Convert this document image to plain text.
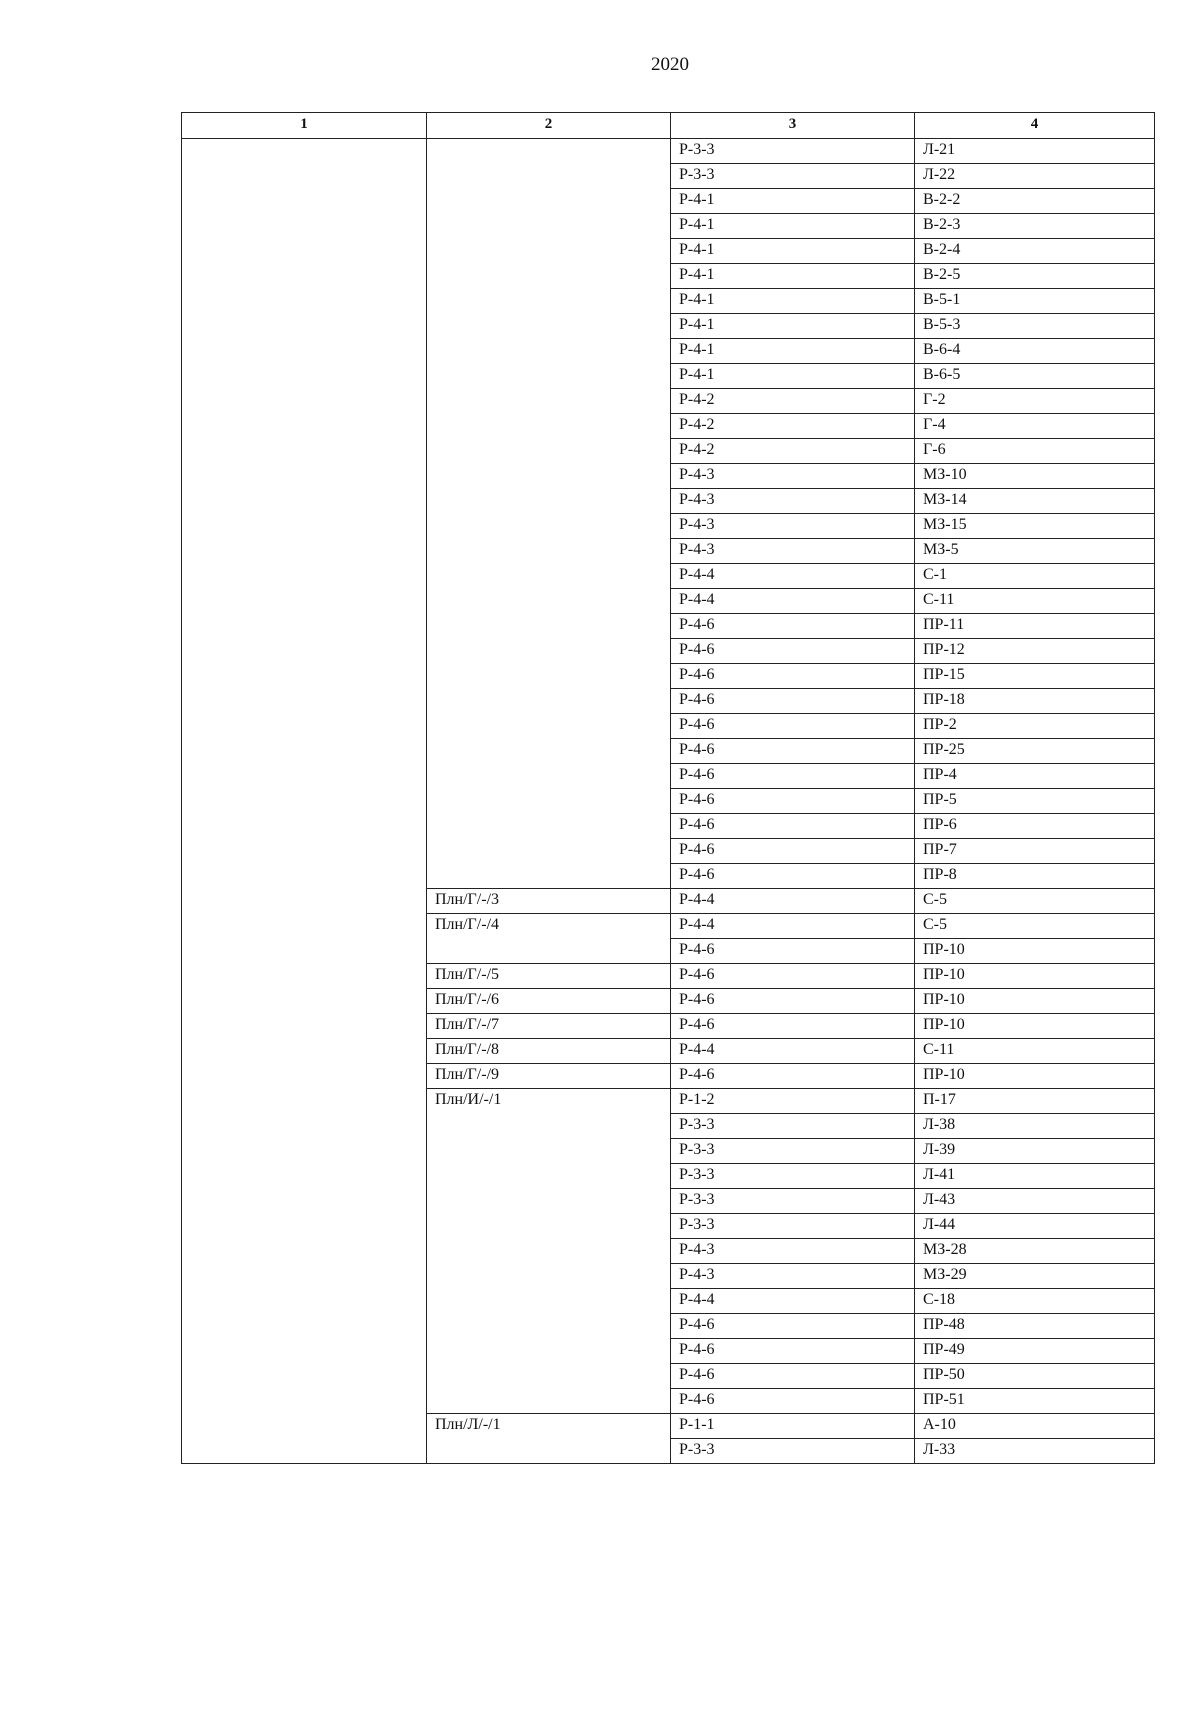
2020
1	2	3	4
		Р-3-3	Л-21
		Р-3-3	Л-22
		Р-4-1	В-2-2
		Р-4-1	В-2-3
		Р-4-1	В-2-4
		Р-4-1	В-2-5
		Р-4-1	В-5-1
		Р-4-1	В-5-3
		Р-4-1	В-6-4
		Р-4-1	В-6-5
		Р-4-2	Г-2
		Р-4-2	Г-4
		Р-4-2	Г-6
		Р-4-3	МЗ-10
		Р-4-3	МЗ-14
		Р-4-3	МЗ-15
		Р-4-3	МЗ-5
		Р-4-4	С-1
		Р-4-4	С-11
		Р-4-6	ПР-11
		Р-4-6	ПР-12
		Р-4-6	ПР-15
		Р-4-6	ПР-18
		Р-4-6	ПР-2
		Р-4-6	ПР-25
		Р-4-6	ПР-4
		Р-4-6	ПР-5
		Р-4-6	ПР-6
		Р-4-6	ПР-7
		Р-4-6	ПР-8
	Плн/Г/-/3	Р-4-4	С-5
	Плн/Г/-/4	Р-4-4	С-5
		Р-4-6	ПР-10
	Плн/Г/-/5	Р-4-6	ПР-10
	Плн/Г/-/6	Р-4-6	ПР-10
	Плн/Г/-/7	Р-4-6	ПР-10
	Плн/Г/-/8	Р-4-4	С-11
	Плн/Г/-/9	Р-4-6	ПР-10
	Плн/И/-/1	Р-1-2	П-17
		Р-3-3	Л-38
		Р-3-3	Л-39
		Р-3-3	Л-41
		Р-3-3	Л-43
		Р-3-3	Л-44
		Р-4-3	МЗ-28
		Р-4-3	МЗ-29
		Р-4-4	С-18
		Р-4-6	ПР-48
		Р-4-6	ПР-49
		Р-4-6	ПР-50
		Р-4-6	ПР-51
	Плн/Л/-/1	Р-1-1	А-10
		Р-3-3	Л-33
